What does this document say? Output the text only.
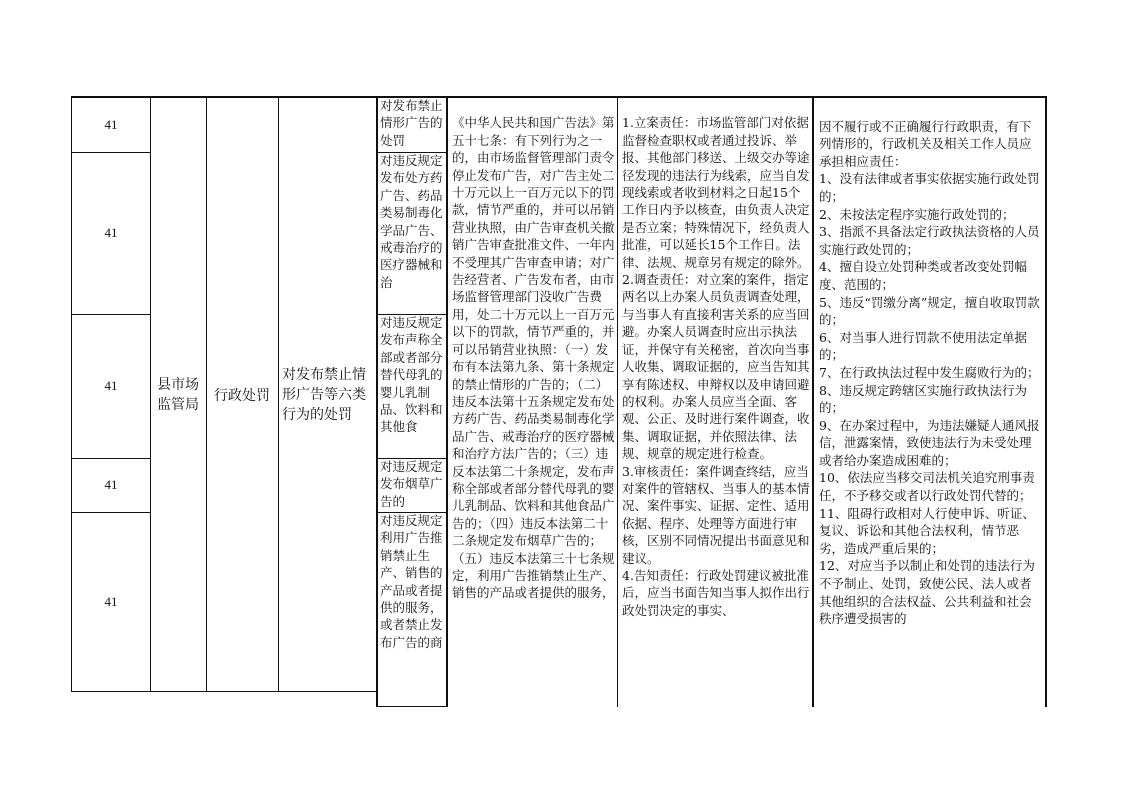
41
41
41
41
41
县市场监管局
行政处罚
对发布禁止情形广告等六类行为的处罚
对发布禁止情形广告的处罚
对违反规定发布处方药广告、药品类易制毒化学品广告、戒毒治疗的医疗器械和治
对违反规定发布声称全部或者部分替代母乳的婴儿乳制品、饮料和其他食
对违反规定发布烟草广告的
对违反规定利用广告推销禁止生产、销售的产品或者提供的服务，或者禁止发布广告的商

《中华人民共和国广告法》第五十七条：有下列行为之一的，由市场监督管理部门责令停止发布广告，对广告主处二十万元以上一百万元以下的罚款，情节严重的，并可以吊销营业执照，由广告审查机关撤销广告审查批准文件、一年内不受理其广告审查申请；对广告经营者、广告发布者，由市场监督管理部门没收广告费用，处二十万元以上一百万元以下的罚款，情节严重的，并可以吊销营业执照：（一）发布有本法第九条、第十条规定的禁止情形的广告的；（二）违反本法第十五条规定发布处方药广告、药品类易制毒化学品广告、戒毒治疗的医疗器械和治疗方法广告的；（三）违反本法第二十条规定，发布声称全部或者部分替代母乳的婴儿乳制品、饮料和其他食品广告的；（四）违反本法第二十二条规定发布烟草广告的；（五）违反本法第三十七条规定，利用广告推销禁止生产、销售的产品或者提供的服务，

1.立案责任：市场监管部门对依据监督检查职权或者通过投诉、举报、其他部门移送、上级交办等途径发现的违法行为线索，应当自发现线索或者收到材料之日起15个工作日内予以核查，由负责人决定是否立案；特殊情况下，经负责人批准，可以延长15个工作日。法律、法规、规章另有规定的除外。
2.调查责任：对立案的案件，指定两名以上办案人员负责调查处理，与当事人有直接利害关系的应当回避。办案人员调查时应出示执法证，并保守有关秘密，首次向当事人收集、调取证据的，应当告知其享有陈述权、申辩权以及申请回避的权利。办案人员应当全面、客观、公正、及时进行案件调查，收集、调取证据，并依照法律、法规、规章的规定进行检查。
3.审核责任：案件调查终结，应当对案件的管辖权、当事人的基本情况、案件事实、证据、定性、适用依据、程序、处理等方面进行审核，区别不同情况提出书面意见和建议。
4.告知责任：行政处罚建议被批准后，应当书面告知当事人拟作出行政处罚决定的事实、

因不履行或不正确履行行政职责，有下列情形的，行政机关及相关工作人员应承担相应责任：
1、没有法律或者事实依据实施行政处罚的；
2、未按法定程序实施行政处罚的；
3、指派不具备法定行政执法资格的人员实施行政处罚的；
4、擅自设立处罚种类或者改变处罚幅度、范围的；
5、违反“罚缴分离”规定，擅自收取罚款的；
6、对当事人进行罚款不使用法定单据的；
7、在行政执法过程中发生腐败行为的；
8、违反规定跨辖区实施行政执法行为的；
9、在办案过程中，为违法嫌疑人通风报信，泄露案情，致使违法行为未受处理或者给办案造成困难的；
10、依法应当移交司法机关追究刑事责任，不予移交或者以行政处罚代替的；
11、阻碍行政相对人行使申诉、听证、复议、诉讼和其他合法权利，情节恶劣，造成严重后果的；
12、对应当予以制止和处罚的违法行为不予制止、处罚，致使公民、法人或者其他组织的合法权益、公共利益和社会秩序遭受损害的
